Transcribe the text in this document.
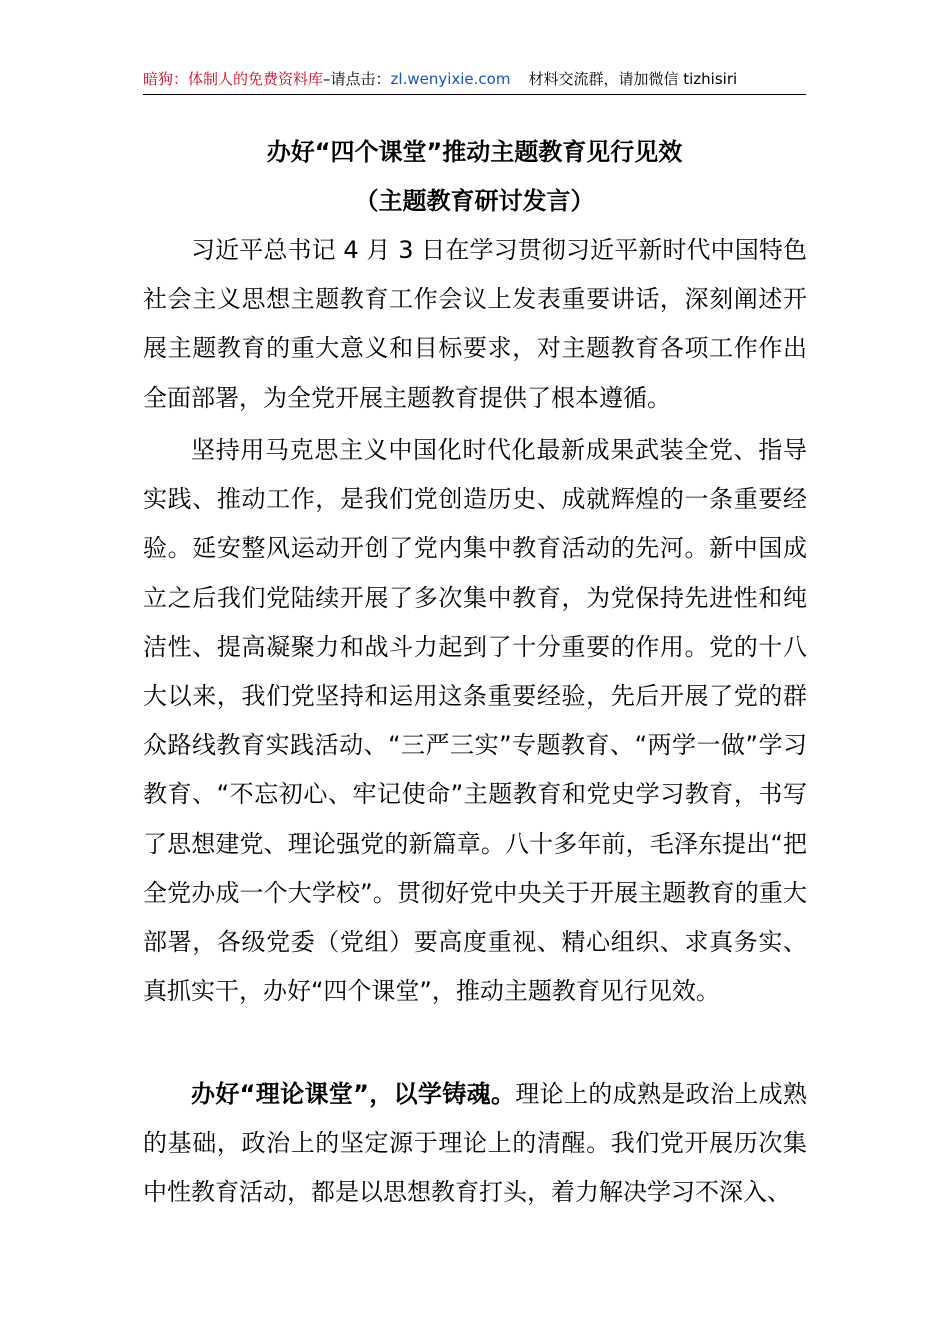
暗狗：体制人的免费资料库–请点击：zl.wenyixie.com 材料交流群，请加微信 tizhisiri
办好“四个课堂”推动主题教育见行见效
（主题教育研讨发言）

习近平总书记 4 月 3 日在学习贯彻习近平新时代中国特色社会主义思想主题教育工作会议上发表重要讲话，深刻阐述开展主题教育的重大意义和目标要求，对主题教育各项工作作出全面部署，为全党开展主题教育提供了根本遵循。

坚持用马克思主义中国化时代化最新成果武装全党、指导实践、推动工作，是我们党创造历史、成就辉煌的一条重要经验。延安整风运动开创了党内集中教育活动的先河。新中国成立之后我们党陆续开展了多次集中教育，为党保持先进性和纯洁性、提高凝聚力和战斗力起到了十分重要的作用。党的十八大以来，我们党坚持和运用这条重要经验，先后开展了党的群众路线教育实践活动、“三严三实”专题教育、“两学一做”学习教育、“不忘初心、牢记使命”主题教育和党史学习教育，书写了思想建党、理论强党的新篇章。八十多年前，毛泽东提出“把全党办成一个大学校”。贯彻好党中央关于开展主题教育的重大部署，各级党委（党组）要高度重视、精心组织、求真务实、真抓实干，办好“四个课堂”，推动主题教育见行见效。

办好“理论课堂”，以学铸魂。理论上的成熟是政治上成熟的基础，政治上的坚定源于理论上的清醒。我们党开展历次集中性教育活动，都是以思想教育打头，着力解决学习不深入、
